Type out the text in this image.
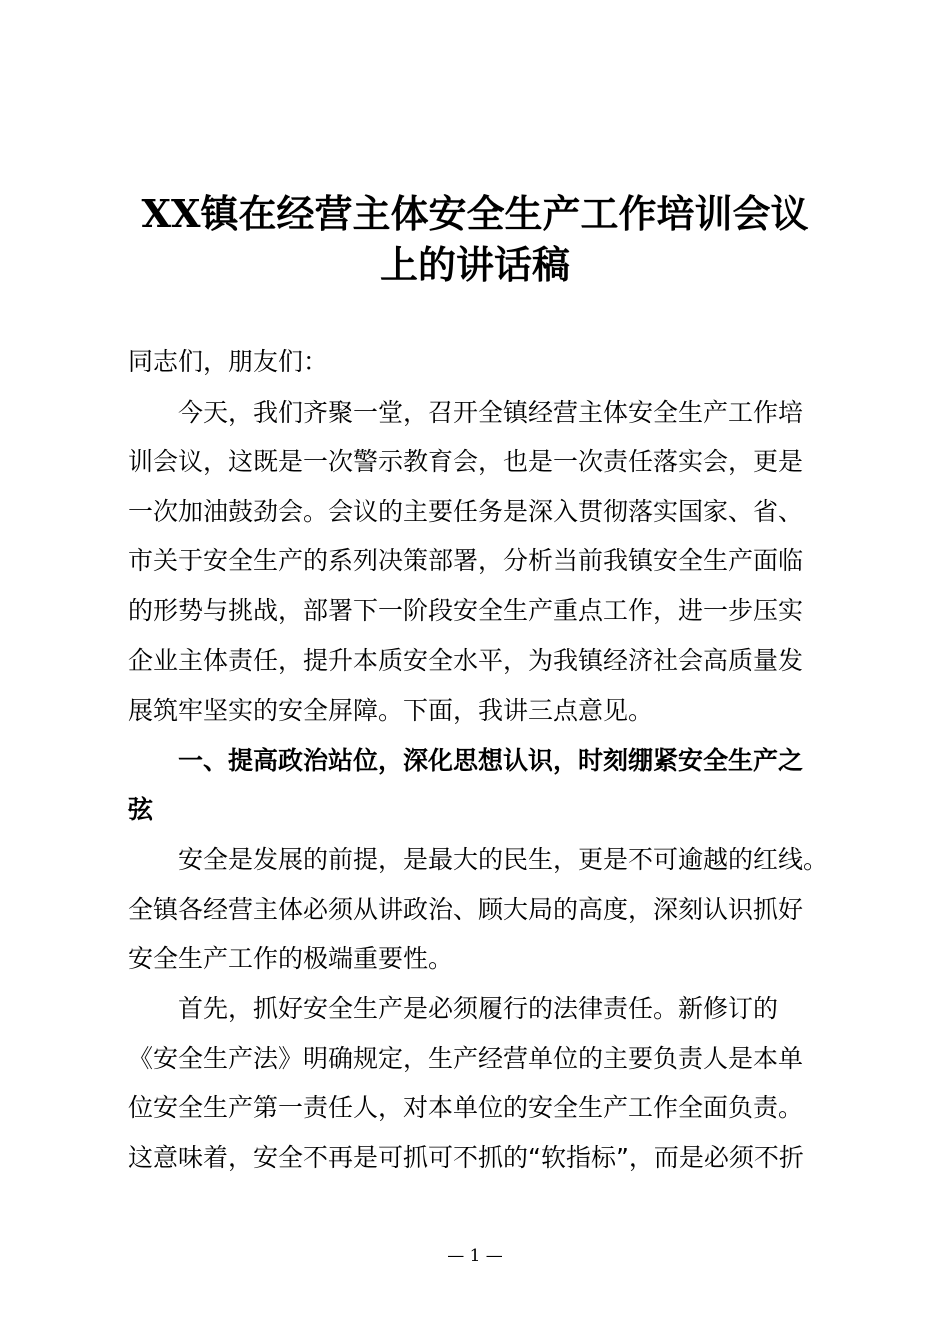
XX镇在经营主体安全生产工作培训会议
上的讲话稿

同志们，朋友们：

今天，我们齐聚一堂，召开全镇经营主体安全生产工作培

训会议，这既是一次警示教育会，也是一次责任落实会，更是

一次加油鼓劲会。会议的主要任务是深入贯彻落实国家、省、

市关于安全生产的系列决策部署，分析当前我镇安全生产面临

的形势与挑战，部署下一阶段安全生产重点工作，进一步压实

企业主体责任，提升本质安全水平，为我镇经济社会高质量发

展筑牢坚实的安全屏障。下面，我讲三点意见。

一、提高政治站位，深化思想认识，时刻绷紧安全生产之

弦

安全是发展的前提，是最大的民生，更是不可逾越的红线。

全镇各经营主体必须从讲政治、顾大局的高度，深刻认识抓好

安全生产工作的极端重要性。

首先，抓好安全生产是必须履行的法律责任。新修订的

《安全生产法》明确规定，生产经营单位的主要负责人是本单

位安全生产第一责任人，对本单位的安全生产工作全面负责。

这意味着，安全不再是可抓可不抓的“软指标”，而是必须不折

— 1 —
